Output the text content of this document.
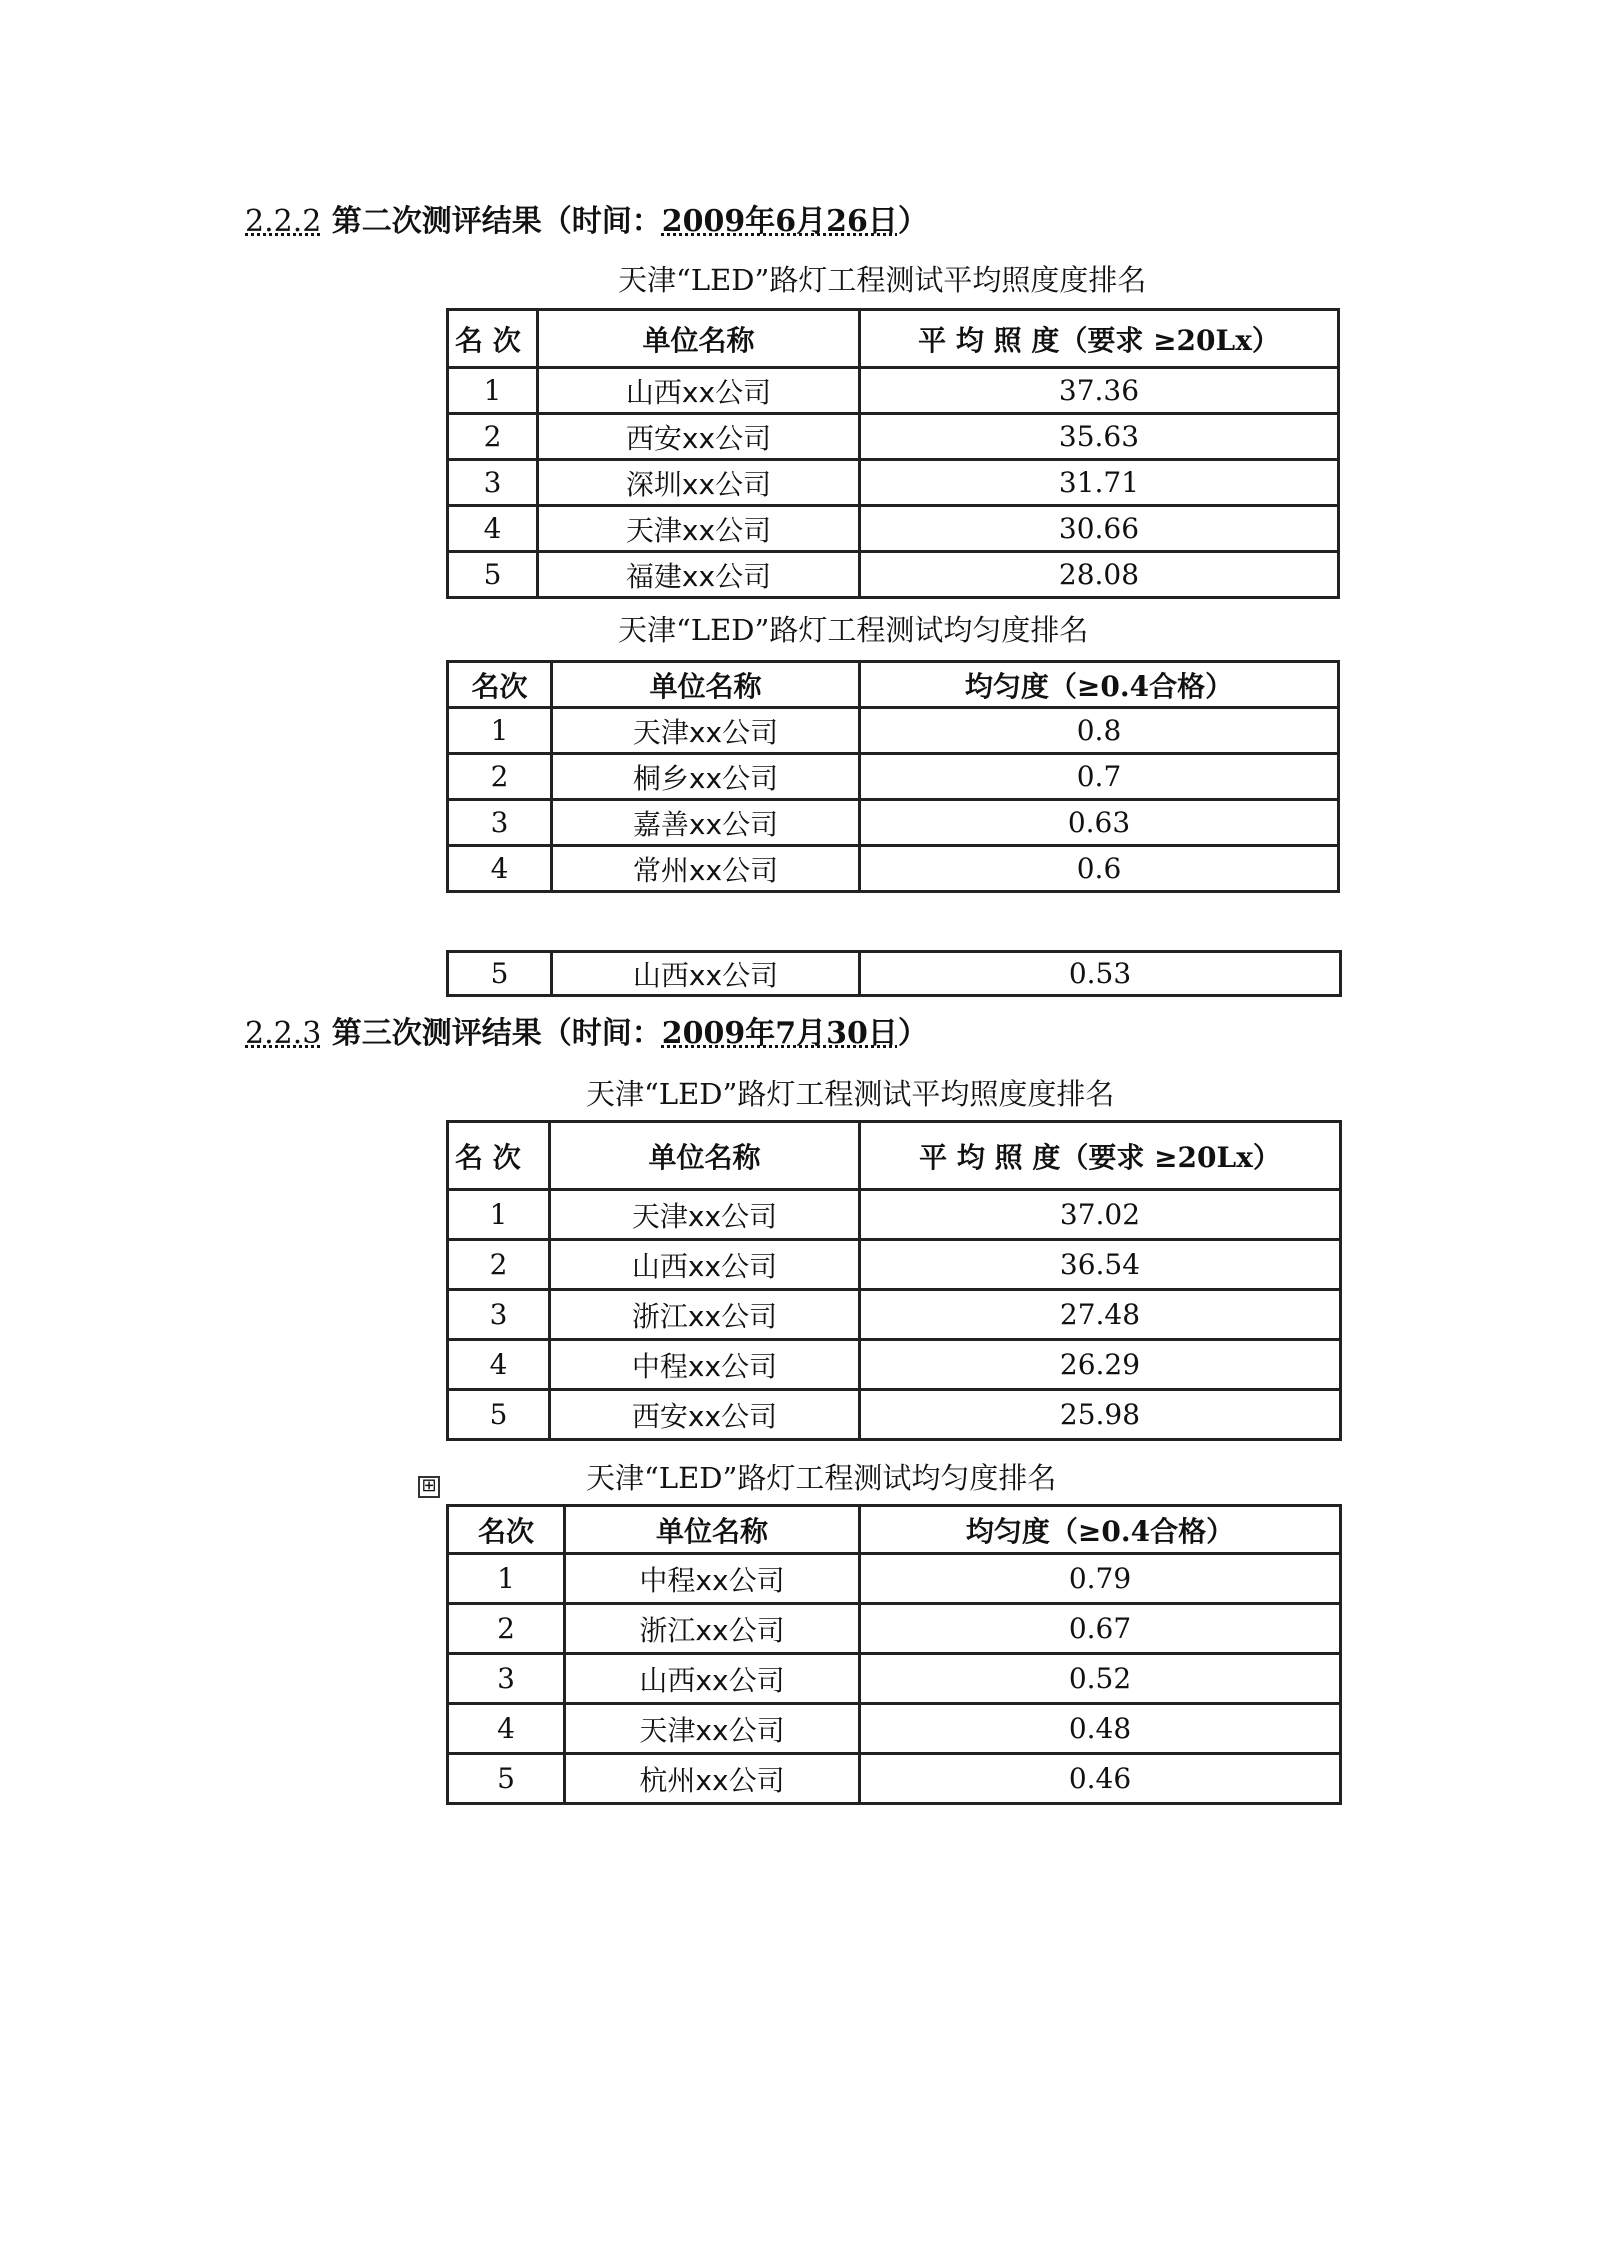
2.2.2 第二次测评结果（时间：2009年6月26日）
天津“LED”路灯工程测试平均照度度排名
名 次	单位名称	平 均 照 度（要求 ≥20Lx）
1	山西xx公司	37.36
2	西安xx公司	35.63
3	深圳xx公司	31.71
4	天津xx公司	30.66
5	福建xx公司	28.08
天津“LED”路灯工程测试均匀度排名
名次	单位名称	均匀度（≥0.4合格）
1	天津xx公司	0.8
2	桐乡xx公司	0.7
3	嘉善xx公司	0.63
4	常州xx公司	0.6
5	山西xx公司	0.53
2.2.3 第三次测评结果（时间：2009年7月30日）
天津“LED”路灯工程测试平均照度度排名
名 次	单位名称	平 均 照 度（要求 ≥20Lx）
1	天津xx公司	37.02
2	山西xx公司	36.54
3	浙江xx公司	27.48
4	中程xx公司	26.29
5	西安xx公司	25.98
天津“LED”路灯工程测试均匀度排名
⊞
名次	单位名称	均匀度（≥0.4合格）
1	中程xx公司	0.79
2	浙江xx公司	0.67
3	山西xx公司	0.52
4	天津xx公司	0.48
5	杭州xx公司	0.46
